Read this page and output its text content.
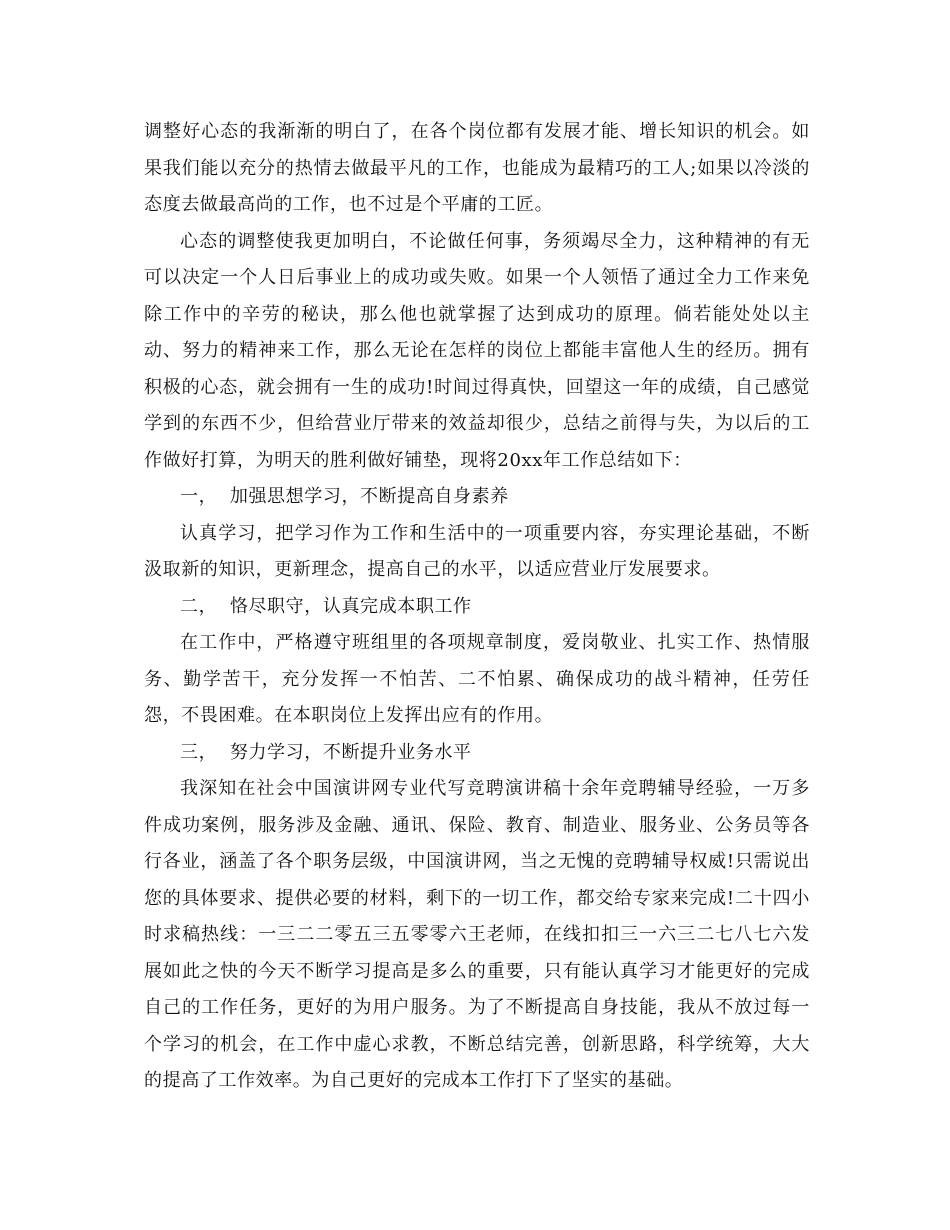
调整好心态的我渐渐的明白了，在各个岗位都有发展才能、增长知识的机会。如果我们能以充分的热情去做最平凡的工作，也能成为最精巧的工人;如果以冷淡的态度去做最高尚的工作，也不过是个平庸的工匠。

心态的调整使我更加明白，不论做任何事，务须竭尽全力，这种精神的有无可以决定一个人日后事业上的成功或失败。如果一个人领悟了通过全力工作来免除工作中的辛劳的秘诀，那么他也就掌握了达到成功的原理。倘若能处处以主动、努力的精神来工作，那么无论在怎样的岗位上都能丰富他人生的经历。拥有积极的心态，就会拥有一生的成功!时间过得真快，回望这一年的成绩，自己感觉学到的东西不少，但给营业厅带来的效益却很少，总结之前得与失，为以后的工作做好打算，为明天的胜利做好铺垫，现将20xx年工作总结如下：

一，  加强思想学习，不断提高自身素养

认真学习，把学习作为工作和生活中的一项重要内容，夯实理论基础，不断汲取新的知识，更新理念，提高自己的水平，以适应营业厅发展要求。

二，  恪尽职守，认真完成本职工作

在工作中，严格遵守班组里的各项规章制度，爱岗敬业、扎实工作、热情服务、勤学苦干，充分发挥一不怕苦、二不怕累、确保成功的战斗精神，任劳任怨，不畏困难。在本职岗位上发挥出应有的作用。

三，  努力学习，不断提升业务水平

我深知在社会中国演讲网专业代写竞聘演讲稿十余年竞聘辅导经验，一万多件成功案例，服务涉及金融、通讯、保险、教育、制造业、服务业、公务员等各行各业，涵盖了各个职务层级，中国演讲网，当之无愧的竞聘辅导权威!只需说出您的具体要求、提供必要的材料，剩下的一切工作，都交给专家来完成!二十四小时求稿热线：一三二二零五三五零零六王老师，在线扣扣三一六三二七八七六发展如此之快的今天不断学习提高是多么的重要，只有能认真学习才能更好的完成自己的工作任务，更好的为用户服务。为了不断提高自身技能，我从不放过每一个学习的机会，在工作中虚心求教，不断总结完善，创新思路，科学统筹，大大的提高了工作效率。为自己更好的完成本工作打下了坚实的基础。
